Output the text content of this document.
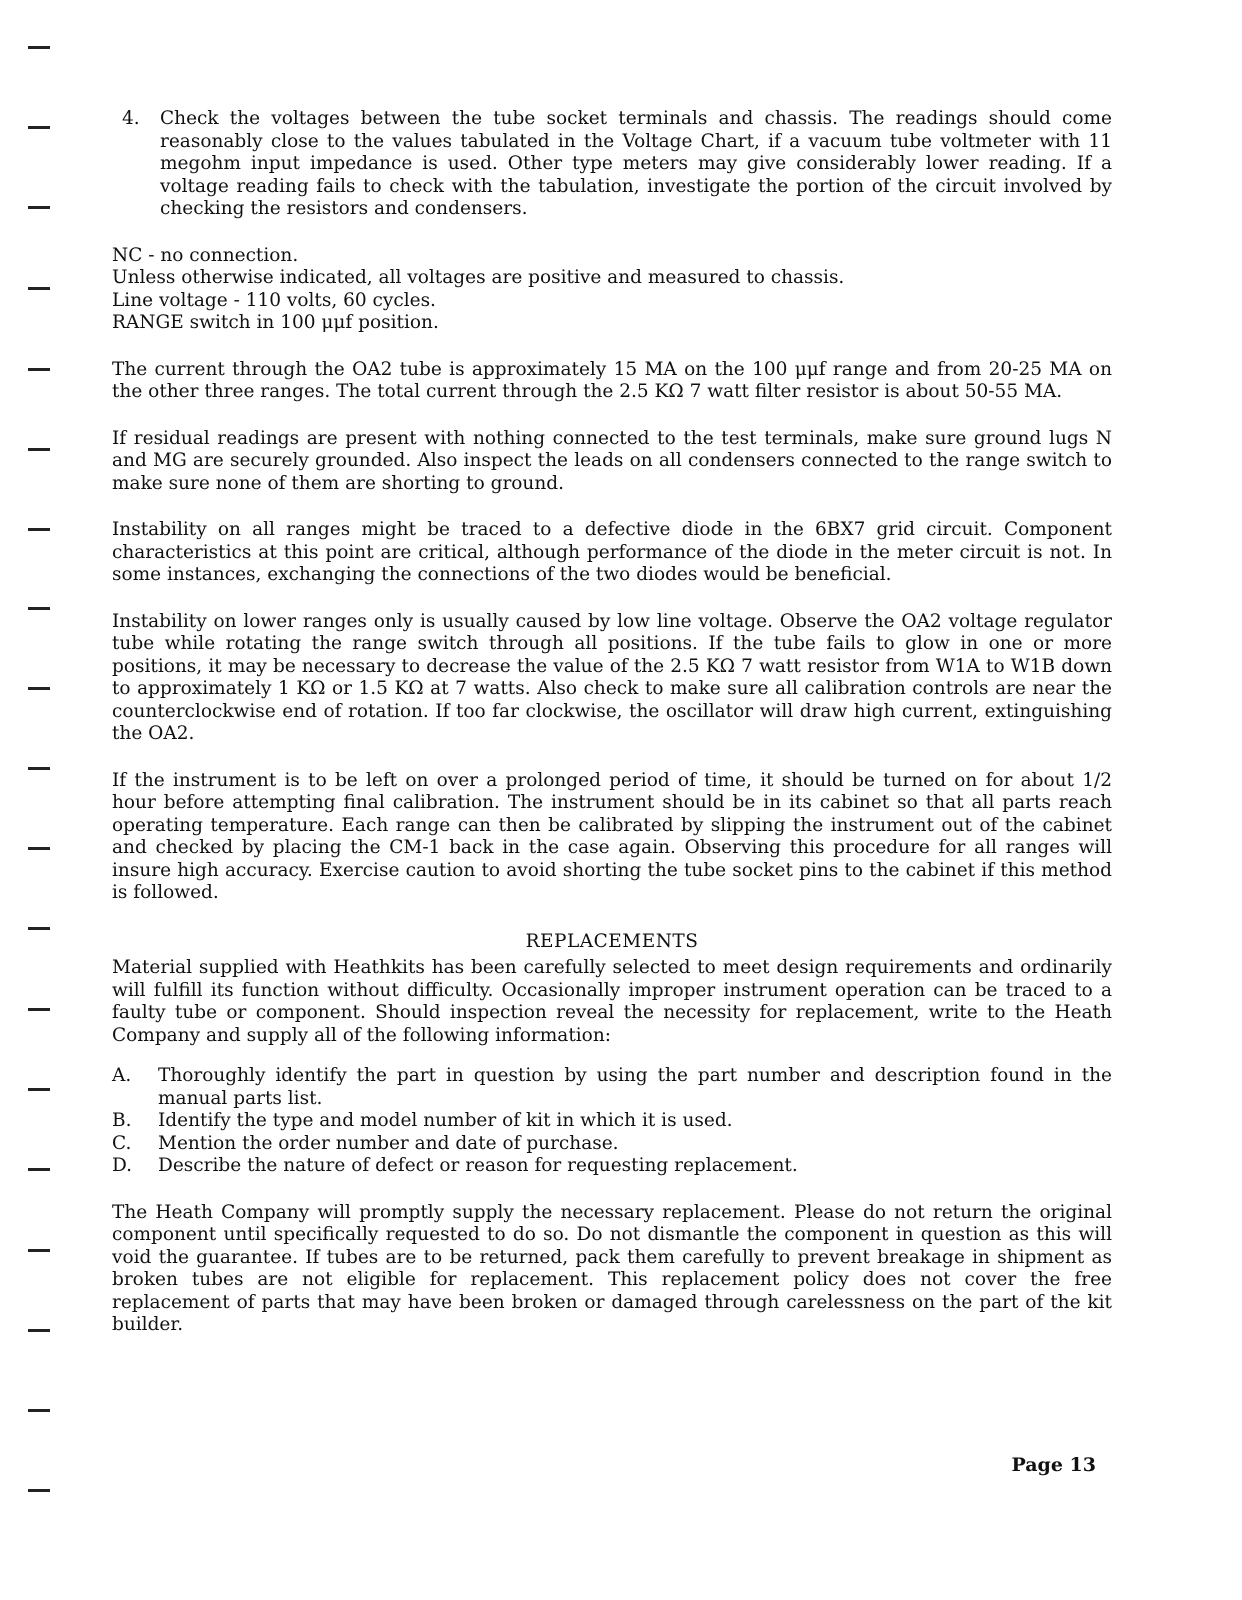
4. Check the voltages between the tube socket terminals and chassis. The readings should come reasonably close to the values tabulated in the Voltage Chart, if a vacuum tube voltmeter with 11 megohm input impedance is used. Other type meters may give considerably lower reading. If a voltage reading fails to check with the tabulation, investigate the portion of the circuit involved by checking the resistors and condensers.

NC - no connection.
Unless otherwise indicated, all voltages are positive and measured to chassis.
Line voltage - 110 volts, 60 cycles.
RANGE switch in 100 μμf position.

The current through the OA2 tube is approximately 15 MA on the 100 μμf range and from 20-25 MA on the other three ranges. The total current through the 2.5 KΩ 7 watt filter resistor is about 50-55 MA.

If residual readings are present with nothing connected to the test terminals, make sure ground lugs N and MG are securely grounded. Also inspect the leads on all condensers connected to the range switch to make sure none of them are shorting to ground.

Instability on all ranges might be traced to a defective diode in the 6BX7 grid circuit. Component characteristics at this point are critical, although performance of the diode in the meter circuit is not. In some instances, exchanging the connections of the two diodes would be beneficial.

Instability on lower ranges only is usually caused by low line voltage. Observe the OA2 voltage regulator tube while rotating the range switch through all positions. If the tube fails to glow in one or more positions, it may be necessary to decrease the value of the 2.5 KΩ 7 watt resistor from W1A to W1B down to approximately 1 KΩ or 1.5 KΩ at 7 watts. Also check to make sure all calibration controls are near the counterclockwise end of rotation. If too far clockwise, the oscillator will draw high current, extinguishing the OA2.

If the instrument is to be left on over a prolonged period of time, it should be turned on for about 1/2 hour before attempting final calibration. The instrument should be in its cabinet so that all parts reach operating temperature. Each range can then be calibrated by slipping the instrument out of the cabinet and checked by placing the CM-1 back in the case again. Observing this procedure for all ranges will insure high accuracy. Exercise caution to avoid shorting the tube socket pins to the cabinet if this method is followed.

REPLACEMENTS

Material supplied with Heathkits has been carefully selected to meet design requirements and ordinarily will fulfill its function without difficulty. Occasionally improper instrument operation can be traced to a faulty tube or component. Should inspection reveal the necessity for replacement, write to the Heath Company and supply all of the following information:

A. Thoroughly identify the part in question by using the part number and description found in the manual parts list.
B. Identify the type and model number of kit in which it is used.
C. Mention the order number and date of purchase.
D. Describe the nature of defect or reason for requesting replacement.

The Heath Company will promptly supply the necessary replacement. Please do not return the original component until specifically requested to do so. Do not dismantle the component in question as this will void the guarantee. If tubes are to be returned, pack them carefully to prevent breakage in shipment as broken tubes are not eligible for replacement. This replacement policy does not cover the free replacement of parts that may have been broken or damaged through carelessness on the part of the kit builder.

Page 13
